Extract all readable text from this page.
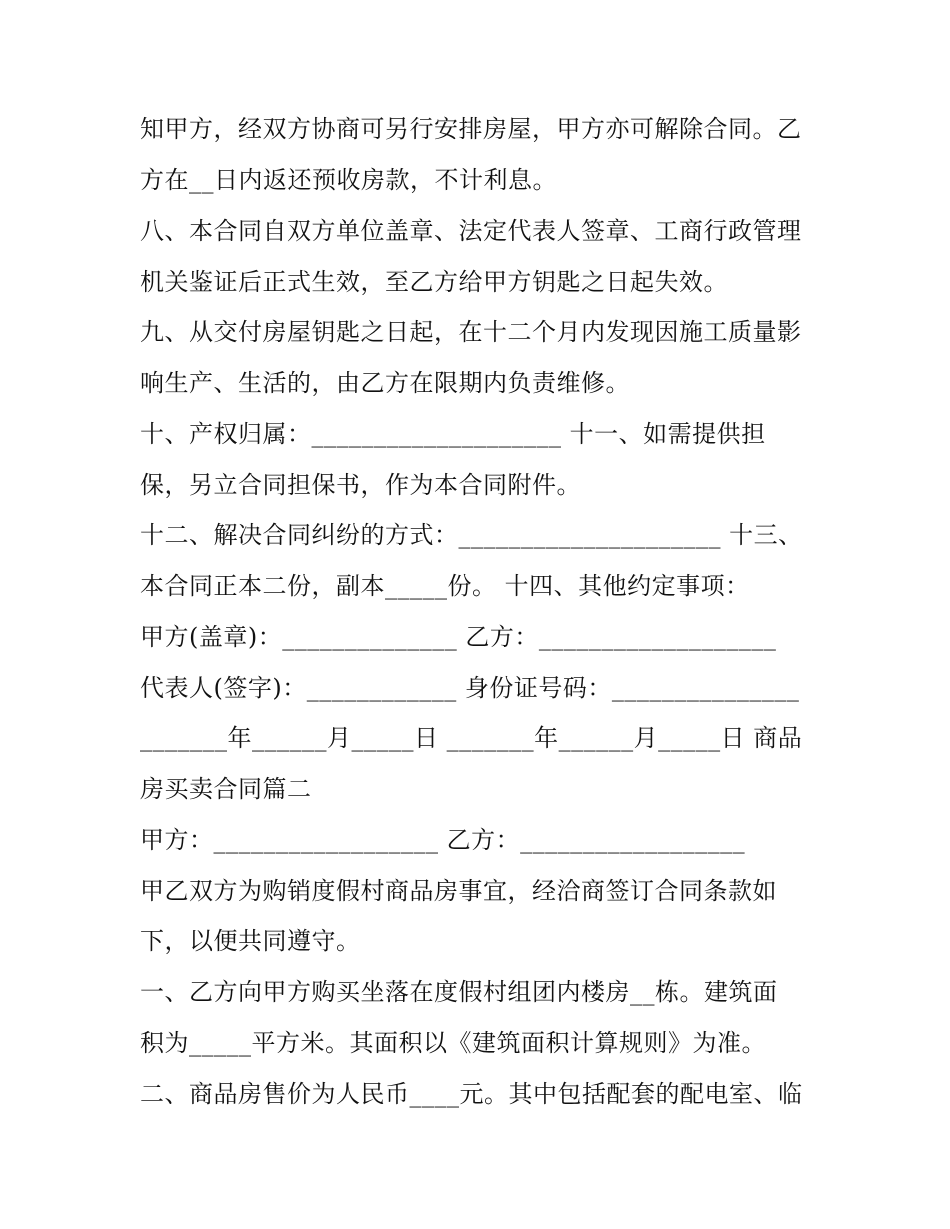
知甲方，经双方协商可另行安排房屋，甲方亦可解除合同。乙
方在__日内返还预收房款，不计利息。
八、本合同自双方单位盖章、法定代表人签章、工商行政管理
机关鉴证后正式生效，至乙方给甲方钥匙之日起失效。
九、从交付房屋钥匙之日起，在十二个月内发现因施工质量影
响生产、生活的，由乙方在限期内负责维修。
十、产权归属：____________________ 十一、如需提供担
保，另立合同担保书，作为本合同附件。
十二、解决合同纠纷的方式：_____________________ 十三、
本合同正本二份，副本_____份。 十四、其他约定事项：
甲方(盖章)：______________ 乙方：___________________
代表人(签字)：____________ 身份证号码：_______________
_______年______月_____日 _______年______月_____日 商品
房买卖合同篇二
甲方：__________________ 乙方：__________________
甲乙双方为购销度假村商品房事宜，经洽商签订合同条款如
下，以便共同遵守。
一、乙方向甲方购买坐落在度假村组团内楼房__栋。建筑面
积为_____平方米。其面积以《建筑面积计算规则》为准。
二、商品房售价为人民币____元。其中包括配套的配电室、临
